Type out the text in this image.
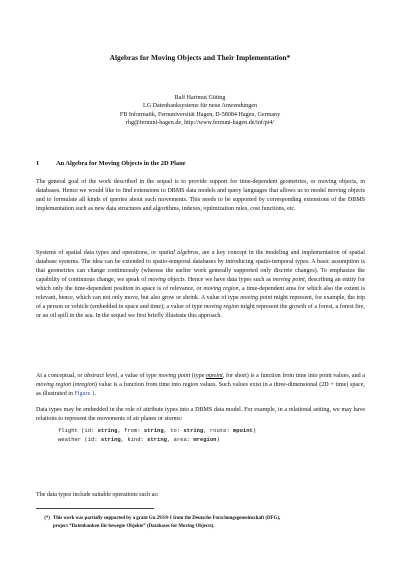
Algebras for Moving Objects and Their Implementation*
Ralf Hartmut Güting
LG Datenbanksysteme für neue Anwendungen
FB Informatik, Fernuniversität Hagen, D-58084 Hagen, Germany
rhg@fernuni-hagen.de, http://www.fernuni-hagen.de/inf/pi4/
1	An Algebra for Moving Objects in the 2D Plane

The general goal of the work described in the sequel is to provide support for time-dependent geometries, or moving objects, in databases. Hence we would like to find extensions to DBMS data models and query languages that allows us to model moving objects and to formulate all kinds of queries about such movements. This needs to be supported by corresponding extensions of the DBMS implementation such as new data structures and algorithms, indexes, optimization rules, cost functions, etc.

Systems of spatial data types and operations, or spatial algebras, are a key concept in the modeling and implementation of spatial database systems. The idea can be extended to spatio-temporal databases by introducing spatio-temporal types. A basic assumption is that geometries can change continuously (whereas the earlier work generally supported only discrete changes). To emphasize the capability of continuous change, we speak of moving objects. Hence we have data types such as moving point, describing an entity for which only the time-dependent position in space is of relevance, or moving region, a time-dependent area for which also the extent is relevant, hence, which can not only move, but also grow or shrink. A value of type moving point might represent, for example, the trip of a person or vehicle (embedded in space and time); a value of type moving region might represent the growth of a forest, a forest fire, or an oil spill in the sea. In the sequel we first briefly illustrate this approach.

At a conceptual, or abstract level, a value of type moving point (type mpoint, for short) is a function from time into point values, and a moving region (mregion) value is a function from time into region values. Such values exist in a three-dimensional (2D + time) space, as illustrated in Figure 1.

Data types may be embedded in the role of attribute types into a DBMS data model. For example, in a relational setting, we may have relations to represent the movements of air planes or storms:

flight (id: string, from: string, to: string, route: mpoint)
weather (id: string, kind: string, area: mregion)

The data types include suitable operations such as:

(*) This work was partially supported by a grant Gu 293/8-1 from the Deutsche Forschungsgemeinschaft (DFG),
project “Datenbanken für bewegte Objekte” (Databases for Moving Objects).
